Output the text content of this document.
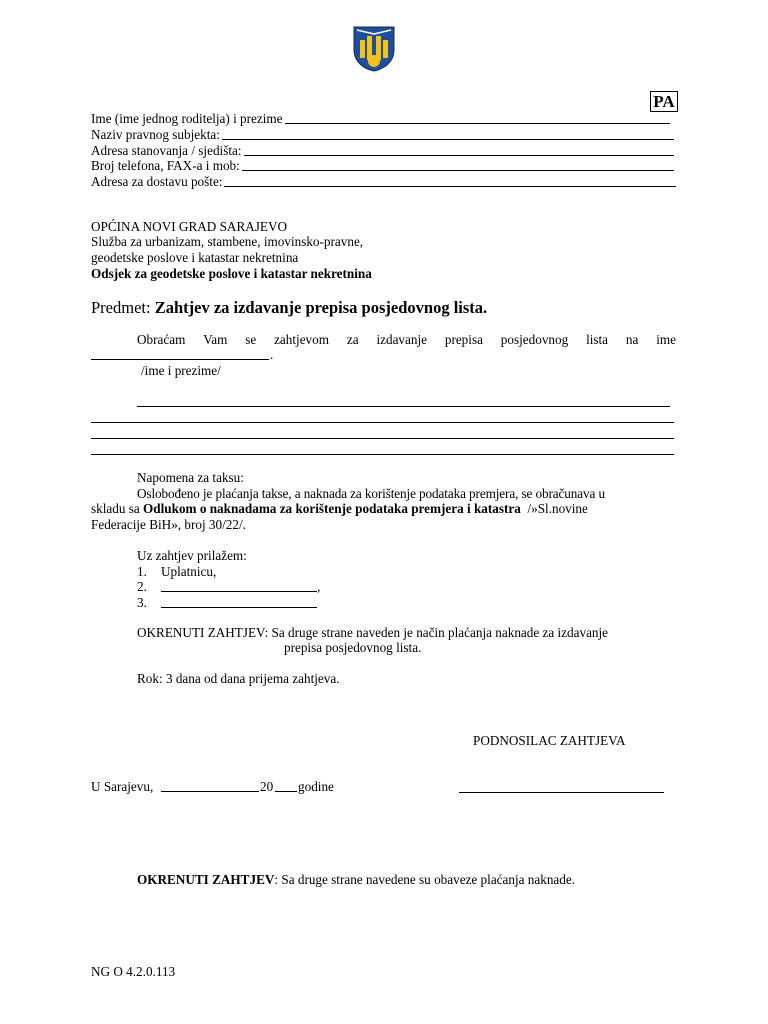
PA
Ime (ime jednog roditelja) i prezime
Naziv pravnog subjekta:
Adresa stanovanja / sjedišta:
Broj telefona, FAX-a i mob:
Adresa za dostavu pošte:
OPĆINA NOVI GRAD SARAJEVO
Služba za urbanizam, stambene, imovinsko-pravne,
geodetske poslove i katastar nekretnina
Odsjek za geodetske poslove i katastar nekretnina
Predmet: Zahtjev za izdavanje prepisa posjedovnog lista.
Obraćam Vam se zahtjevom za izdavanje prepisa posjedovnog lista na ime
.
/ime i prezime/
Napomena za taksu:
Oslobođeno je plaćanja takse, a naknada za korištenje podataka premjera, se obračunava u
skladu sa Odlukom o naknadama za korištenje podataka premjera i katastra /»Sl.novine
Federacije BiH», broj 30/22/.
Uz zahtjev prilažem:
1. Uplatnicu,
2.	,
3.
OKRENUTI ZAHTJEV: Sa druge strane naveden je način plaćanja naknade za izdavanje
prepisa posjedovnog lista.
Rok: 3 dana od dana prijema zahtjeva.
PODNOSILAC ZAHTJEVA
U Sarajevu,	20 godine
OKRENUTI ZAHTJEV: Sa druge strane navedene su obaveze plaćanja naknade.
NG O 4.2.0.113
